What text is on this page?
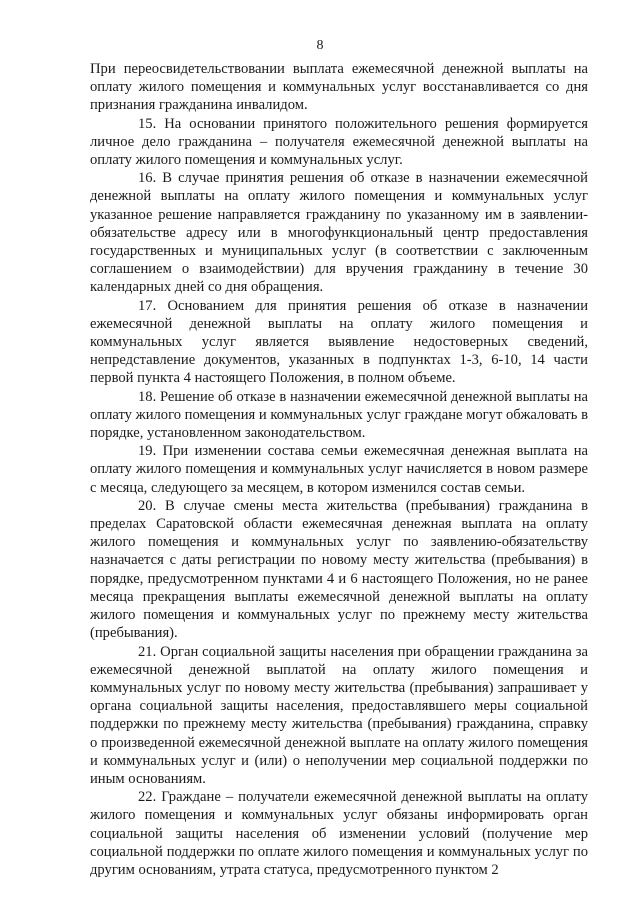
8

При переосвидетельствовании выплата ежемесячной денежной выплаты на оплату жилого помещения и коммунальных услуг восстанавливается со дня признания гражданина инвалидом.

15. На основании принятого положительного решения формируется личное дело гражданина – получателя ежемесячной денежной выплаты на оплату жилого помещения и коммунальных услуг.

16. В случае принятия решения об отказе в назначении ежемесячной денежной выплаты на оплату жилого помещения и коммунальных услуг указанное решение направляется гражданину по указанному им в заявлении-обязательстве адресу или в многофункциональный центр предоставления государственных и муниципальных услуг (в соответствии с заключенным соглашением о взаимодействии) для вручения гражданину в течение 30 календарных дней со дня обращения.

17. Основанием для принятия решения об отказе в назначении ежемесячной денежной выплаты на оплату жилого помещения и коммунальных услуг является выявление недостоверных сведений, непредставление документов, указанных в подпунктах 1-3, 6-10, 14 части первой пункта 4 настоящего Положения, в полном объеме.

18. Решение об отказе в назначении ежемесячной денежной выплаты на оплату жилого помещения и коммунальных услуг граждане могут обжаловать в порядке, установленном законодательством.

19. При изменении состава семьи ежемесячная денежная выплата на оплату жилого помещения и коммунальных услуг начисляется в новом размере с месяца, следующего за месяцем, в котором изменился состав семьи.

20. В случае смены места жительства (пребывания) гражданина в пределах Саратовской области ежемесячная денежная выплата на оплату жилого помещения и коммунальных услуг по заявлению-обязательству назначается с даты регистрации по новому месту жительства (пребывания) в порядке, предусмотренном пунктами 4 и 6 настоящего Положения, но не ранее месяца прекращения выплаты ежемесячной денежной выплаты на оплату жилого помещения и коммунальных услуг по прежнему месту жительства (пребывания).

21. Орган социальной защиты населения при обращении гражданина за ежемесячной денежной выплатой на оплату жилого помещения и коммунальных услуг по новому месту жительства (пребывания) запрашивает у органа социальной защиты населения, предоставлявшего меры социальной поддержки по прежнему месту жительства (пребывания) гражданина, справку о произведенной ежемесячной денежной выплате на оплату жилого помещения и коммунальных услуг и (или) о неполучении мер социальной поддержки по иным основаниям.

22. Граждане – получатели ежемесячной денежной выплаты на оплату жилого помещения и коммунальных услуг обязаны информировать орган социальной защиты населения об изменении условий (получение мер социальной поддержки по оплате жилого помещения и коммунальных услуг по другим основаниям, утрата статуса, предусмотренного пунктом 2
